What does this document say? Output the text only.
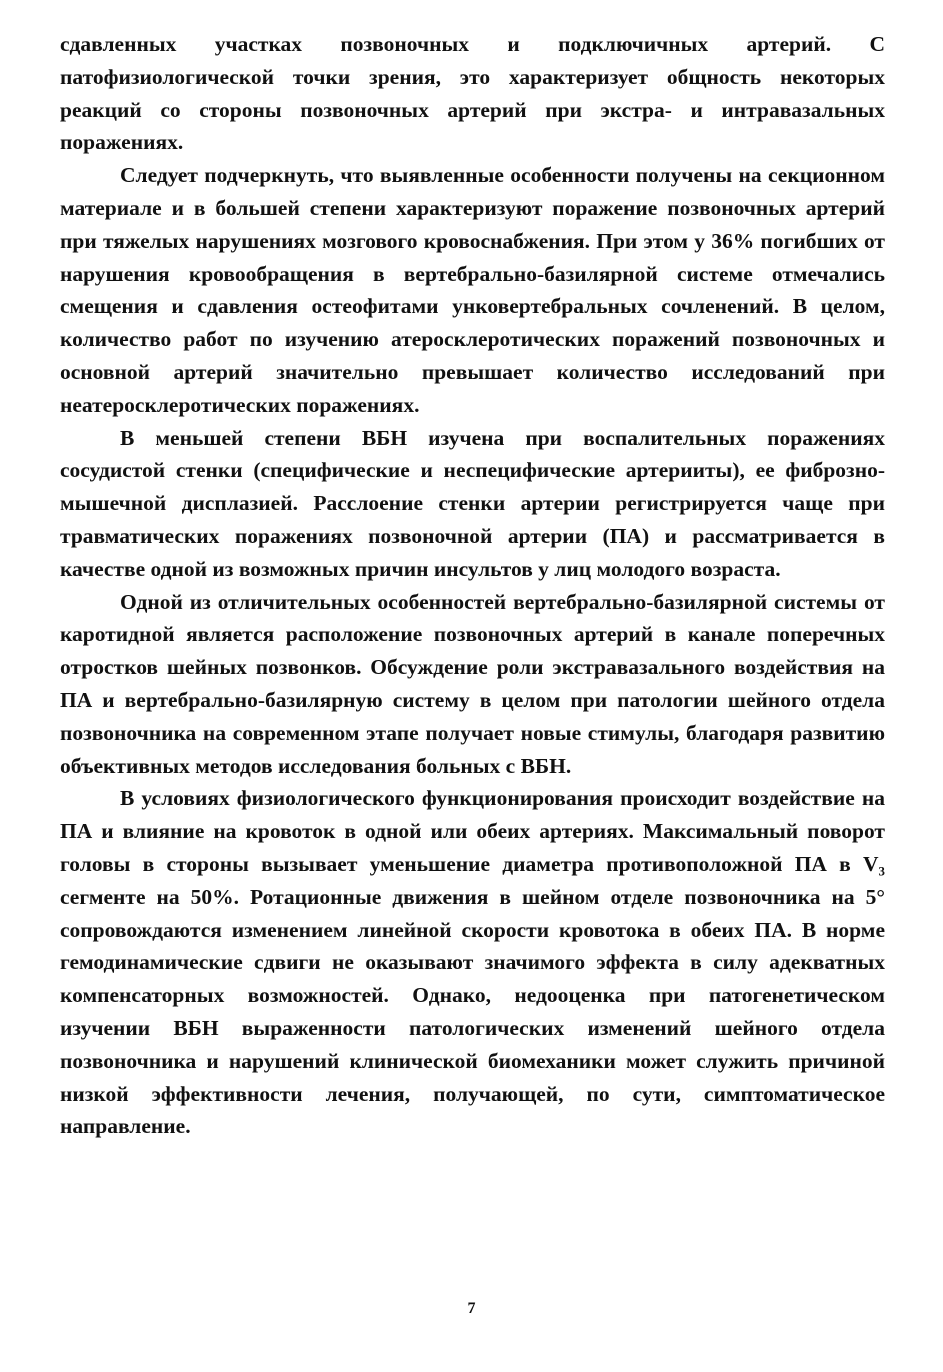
сдавленных участках позвоночных и подключичных артерий. С патофизиологической точки зрения, это характеризует общность некоторых реакций со стороны позвоночных артерий при экстра- и интравазальных поражениях.

Следует подчеркнуть, что выявленные особенности получены на секционном материале и в большей степени характеризуют поражение позвоночных артерий при тяжелых нарушениях мозгового кровоснабжения. При этом у 36% погибших от нарушения кровообращения в вертебрально-базилярной системе отмечались смещения и сдавления остеофитами унковертебральных сочленений. В целом, количество работ по изучению атеросклеротических поражений позвоночных и основной артерий значительно превышает количество исследований при неатеросклеротических поражениях.

В меньшей степени ВБН изучена при воспалительных поражениях сосудистой стенки (специфические и неспецифические артерииты), ее фиброзно-мышечной дисплазией. Расслоение стенки артерии регистрируется чаще при травматических поражениях позвоночной артерии (ПА) и рассматривается в качестве одной из возможных причин инсультов у лиц молодого возраста.

Одной из отличительных особенностей вертебрально-базилярной системы от каротидной является расположение позвоночных артерий в канале поперечных отростков шейных позвонков. Обсуждение роли экстравазального воздействия на ПА и вертебрально-базилярную систему в целом при патологии шейного отдела позвоночника на современном этапе получает новые стимулы, благодаря развитию объективных методов исследования больных с ВБН.

В условиях физиологического функционирования происходит воздействие на ПА и влияние на кровоток в одной или обеих артериях. Максимальный поворот головы в стороны вызывает уменьшение диаметра противоположной ПА в V₃ сегменте на 50%. Ротационные движения в шейном отделе позвоночника на 5° сопровождаются изменением линейной скорости кровотока в обеих ПА. В норме гемодинамические сдвиги не оказывают значимого эффекта в силу адекватных компенсаторных возможностей. Однако, недооценка при патогенетическом изучении ВБН выраженности патологических изменений шейного отдела позвоночника и нарушений клинической биомеханики может служить причиной низкой эффективности лечения, получающей, по сути, симптоматическое направление.

7
